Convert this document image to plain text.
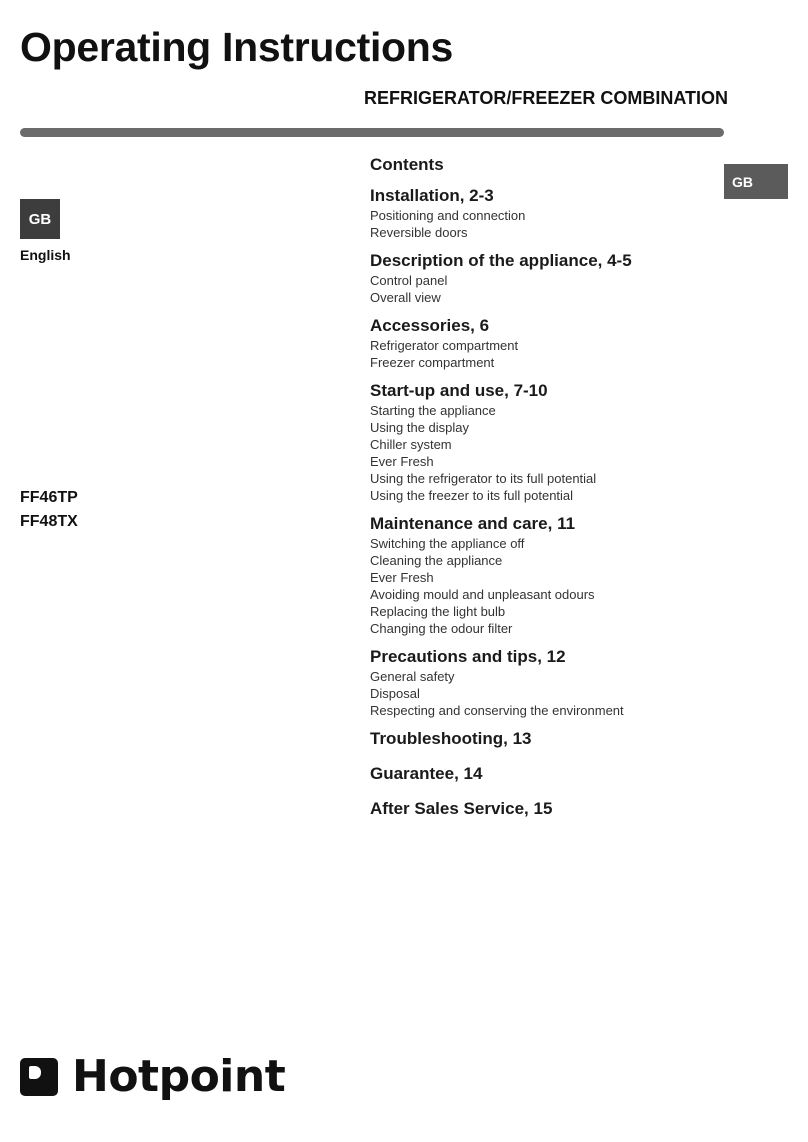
Operating Instructions
REFRIGERATOR/FREEZER COMBINATION
GB
GB
English
FF46TP
FF48TX
Contents
Installation, 2-3
Positioning and connection
Reversible doors
Description of the appliance, 4-5
Control panel
Overall view
Accessories, 6
Refrigerator compartment
Freezer compartment
Start-up and use, 7-10
Starting the appliance
Using the display
Chiller system
Ever Fresh
Using the refrigerator to its full potential
Using the freezer to its full potential
Maintenance and care, 11
Switching the appliance off
Cleaning the appliance
Ever Fresh
Avoiding mould and unpleasant odours
Replacing the light bulb
Changing the odour filter
Precautions and tips, 12
General safety
Disposal
Respecting and conserving the environment
Troubleshooting, 13
Guarantee, 14
After Sales Service, 15
Hotpoint
